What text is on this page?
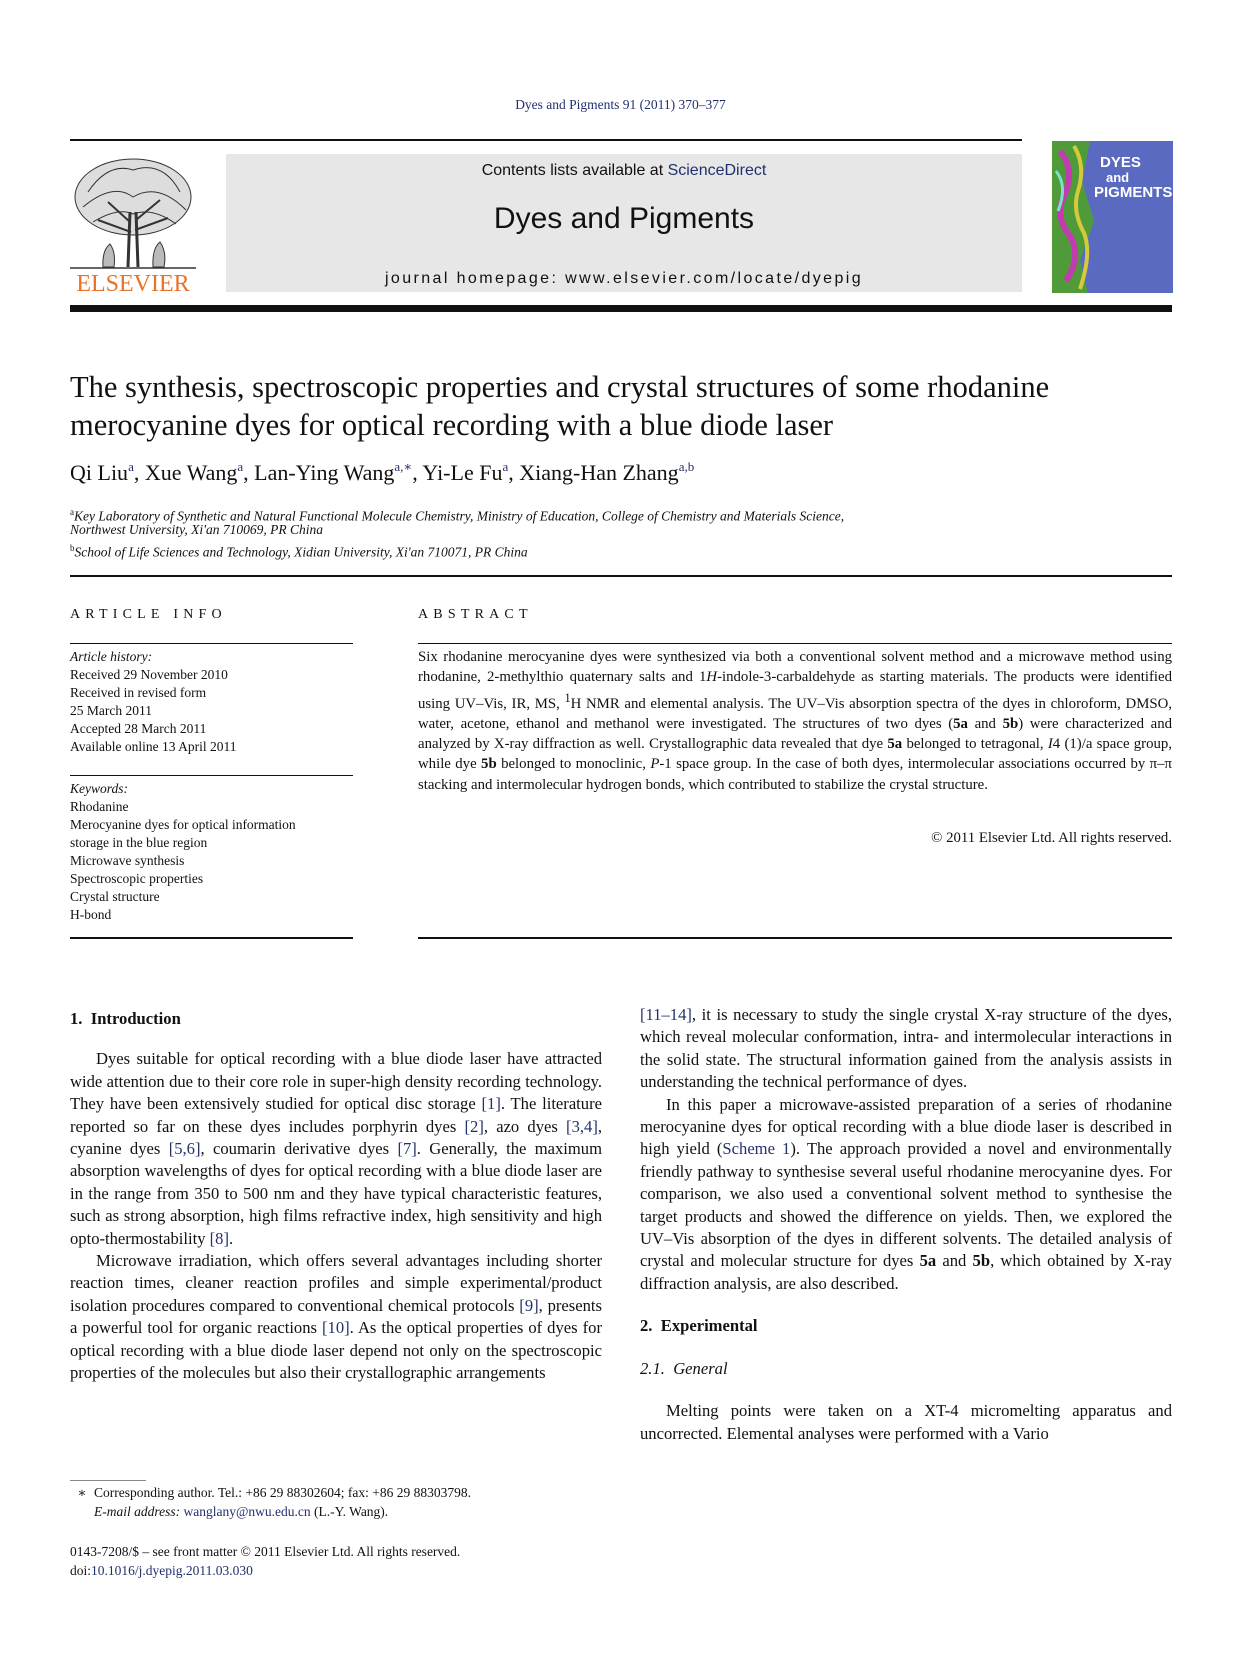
Dyes and Pigments 91 (2011) 370–377
ELSEVIER
Contents lists available at ScienceDirect
Dyes and Pigments
journal homepage: www.elsevier.com/locate/dyepig
DYES
and
PIGMENTS
The synthesis, spectroscopic properties and crystal structures of some rhodanine merocyanine dyes for optical recording with a blue diode laser
Qi Liu$^a$, Xue Wang$^a$, Lan-Ying Wang$^{a,∗}$, Yi-Le Fu$^a$, Xiang-Han Zhang$^{a,b}$
$^a$Key Laboratory of Synthetic and Natural Functional Molecule Chemistry, Ministry of Education, College of Chemistry and Materials Science,
Northwest University, Xi'an 710069, PR China
$^b$School of Life Sciences and Technology, Xidian University, Xi'an 710071, PR China
ARTICLE INFO
Article history:
Received 29 November 2010
Received in revised form
25 March 2011
Accepted 28 March 2011
Available online 13 April 2011
Keywords:
Rhodanine
Merocyanine dyes for optical information
storage in the blue region
Microwave synthesis
Spectroscopic properties
Crystal structure
H-bond
ABSTRACT
Six rhodanine merocyanine dyes were synthesized via both a conventional solvent method and a microwave method using rhodanine, 2-methylthio quaternary salts and 1H-indole-3-carbaldehyde as starting materials. The products were identified using UV–Vis, IR, MS, $^1$H NMR and elemental analysis. The UV–Vis absorption spectra of the dyes in chloroform, DMSO, water, acetone, ethanol and methanol were investigated. The structures of two dyes (5a and 5b) were characterized and analyzed by X-ray diffraction as well. Crystallographic data revealed that dye 5a belonged to tetragonal, I4 (1)/a space group, while dye 5b belonged to monoclinic, P-1 space group. In the case of both dyes, intermolecular associations occurred by π–π stacking and intermolecular hydrogen bonds, which contributed to stabilize the crystal structure.
© 2011 Elsevier Ltd. All rights reserved.

1. Introduction

Dyes suitable for optical recording with a blue diode laser have attracted wide attention due to their core role in super-high density recording technology. They have been extensively studied for optical disc storage [1]. The literature reported so far on these dyes includes porphyrin dyes [2], azo dyes [3,4], cyanine dyes [5,6], coumarin derivative dyes [7]. Generally, the maximum absorption wavelengths of dyes for optical recording with a blue diode laser are in the range from 350 to 500 nm and they have typical characteristic features, such as strong absorption, high films refractive index, high sensitivity and high opto-thermostability [8].

Microwave irradiation, which offers several advantages including shorter reaction times, cleaner reaction profiles and simple experimental/product isolation procedures compared to conventional chemical protocols [9], presents a powerful tool for organic reactions [10]. As the optical properties of dyes for optical recording with a blue diode laser depend not only on the spectroscopic properties of the molecules but also their crystallographic arrangements

[11–14], it is necessary to study the single crystal X-ray structure of the dyes, which reveal molecular conformation, intra- and intermolecular interactions in the solid state. The structural information gained from the analysis assists in understanding the technical performance of dyes.

In this paper a microwave-assisted preparation of a series of rhodanine merocyanine dyes for optical recording with a blue diode laser is described in high yield (Scheme 1). The approach provided a novel and environmentally friendly pathway to synthesise several useful rhodanine merocyanine dyes. For comparison, we also used a conventional solvent method to synthesise the target products and showed the difference on yields. Then, we explored the UV–Vis absorption of the dyes in different solvents. The detailed analysis of crystal and molecular structure for dyes 5a and 5b, which obtained by X-ray diffraction analysis, are also described.

2. Experimental

2.1. General

Melting points were taken on a XT-4 micromelting apparatus and uncorrected. Elemental analyses were performed with a Vario

∗ Corresponding author. Tel.: +86 29 88302604; fax: +86 29 88303798.
E-mail address: wanglany@nwu.edu.cn (L.-Y. Wang).
0143-7208/$ – see front matter © 2011 Elsevier Ltd. All rights reserved.
doi:10.1016/j.dyepig.2011.03.030
